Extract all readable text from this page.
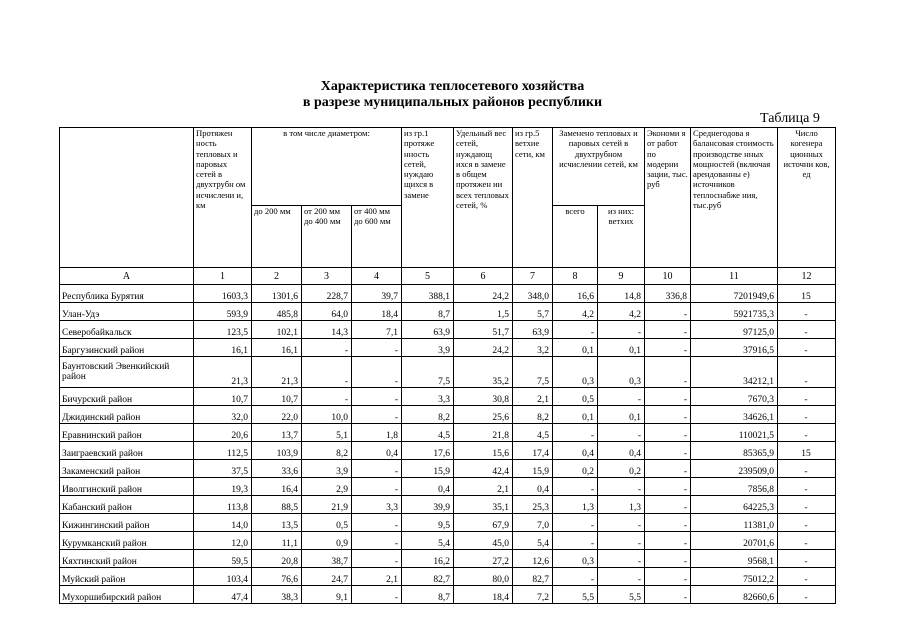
Характеристика теплосетевого хозяйства
в разрезе муниципальных районов республики
Таблица 9
	Протяжен ность тепловых и паровых сетей в двухтрубн ом исчислени и, км	в том числе диаметром:			из гр.1 протяже нность сетей, нуждаю щихся в замене	Удельный вес сетей, нуждающ ихся в замене в общем протяжен ии всех тепловых сетей, %	из гр.5 ветхие сети, км	Заменено тепловых и паровых сетей в двухтрубном исчислении сетей, км		Экономи я от работ по модерни зации, тыс. руб	Среднегодова я балансовая стоимость производстве нных мощностей (включая арендованны е) источников теплоснабже ния, тыс.руб	Число когенера ционных источни ков, ед
		до 200 мм	от 200 мм до 400 мм	от 400 мм до 600 мм				всего	из них: ветхих			
А	1	2	3	4	5	6	7	8	9	10	11	12
Республика Бурятия	1603,3	1301,6	228,7	39,7	388,1	24,2	348,0	16,6	14,8	336,8	7201949,6	15
Улан-Удэ	593,9	485,8	64,0	18,4	8,7	1,5	5,7	4,2	4,2	-	5921735,3	-
Северобайкальск	123,5	102,1	14,3	7,1	63,9	51,7	63,9	-	-	-	97125,0	-
Баргузинский район	16,1	16,1	-	-	3,9	24,2	3,2	0,1	0,1	-	37916,5	-
Баунтовский Эвенкийский район	21,3	21,3	-	-	7,5	35,2	7,5	0,3	0,3	-	34212,1	-
Бичурский район	10,7	10,7	-	-	3,3	30,8	2,1	0,5	-	-	7670,3	-
Джидинский район	32,0	22,0	10,0	-	8,2	25,6	8,2	0,1	0,1	-	34626,1	-
Еравнинский район	20,6	13,7	5,1	1,8	4,5	21,8	4,5	-	-	-	110021,5	-
Заиграевский район	112,5	103,9	8,2	0,4	17,6	15,6	17,4	0,4	0,4	-	85365,9	15
Закаменский район	37,5	33,6	3,9	-	15,9	42,4	15,9	0,2	0,2	-	239509,0	-
Иволгинский район	19,3	16,4	2,9	-	0,4	2,1	0,4	-	-	-	7856,8	-
Кабанский район	113,8	88,5	21,9	3,3	39,9	35,1	25,3	1,3	1,3	-	64225,3	-
Кижингинский район	14,0	13,5	0,5	-	9,5	67,9	7,0	-	-	-	11381,0	-
Курумканский район	12,0	11,1	0,9	-	5,4	45,0	5,4	-	-	-	20701,6	-
Кяхтинский район	59,5	20,8	38,7	-	16,2	27,2	12,6	0,3	-	-	9568,1	-
Муйский район	103,4	76,6	24,7	2,1	82,7	80,0	82,7	-	-	-	75012,2	-
Мухоршибирский район	47,4	38,3	9,1	-	8,7	18,4	7,2	5,5	5,5	-	82660,6	-
